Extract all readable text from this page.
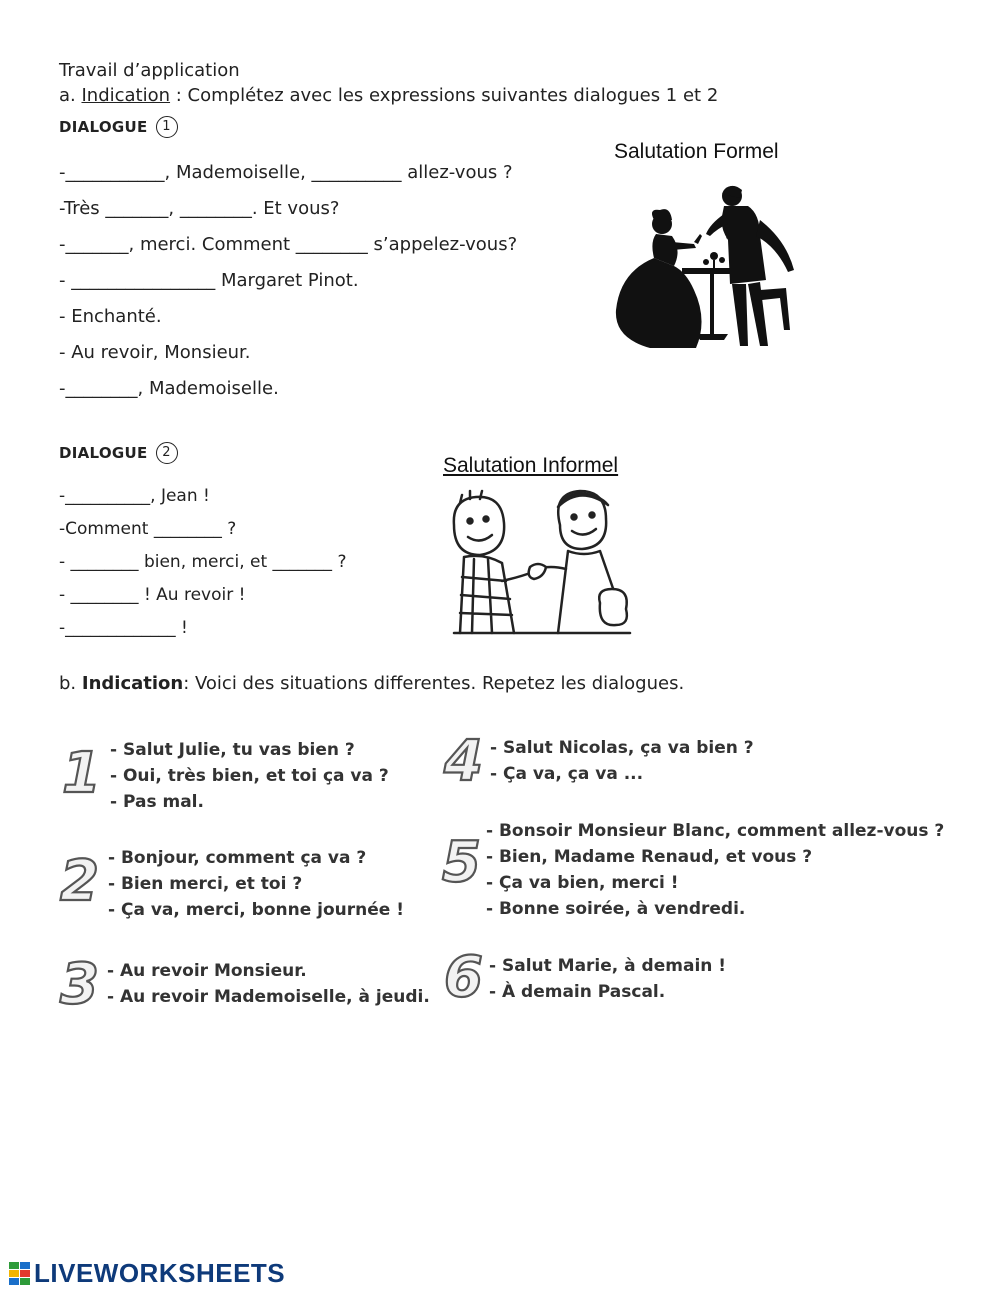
Travail d’application
a. Indication : Complétez avec les expressions suivantes dialogues 1 et 2
DIALOGUE 1
-___________, Mademoiselle, __________ allez-vous ?
-Très _______, ________. Et vous?
-_______, merci. Comment ________ s’appelez-vous?
- ________________ Margaret Pinot.
- Enchanté.
- Au revoir, Monsieur.
-________, Mademoiselle.
Salutation Formel
DIALOGUE 2
-__________, Jean !
-Comment ________ ?
- ________ bien, merci, et _______ ?
- ________ ! Au revoir !
-_____________ !
Salutation Informel
b. Indication: Voici des situations differentes. Repetez les dialogues.
1 - Salut Julie, tu vas bien ?
- Oui, très bien, et toi ça va ?
- Pas mal.
2 - Bonjour, comment ça va ?
- Bien merci, et toi ?
- Ça va, merci, bonne journée !
3 - Au revoir Monsieur.
- Au revoir Mademoiselle, à jeudi.
4 - Salut Nicolas, ça va bien ?
- Ça va, ça va ...
5 - Bonsoir Monsieur Blanc, comment allez-vous ?
- Bien, Madame Renaud, et vous ?
- Ça va bien, merci !
- Bonne soirée, à vendredi.
6 - Salut Marie, à demain !
- À demain Pascal.
LIVEWORKSHEETS
